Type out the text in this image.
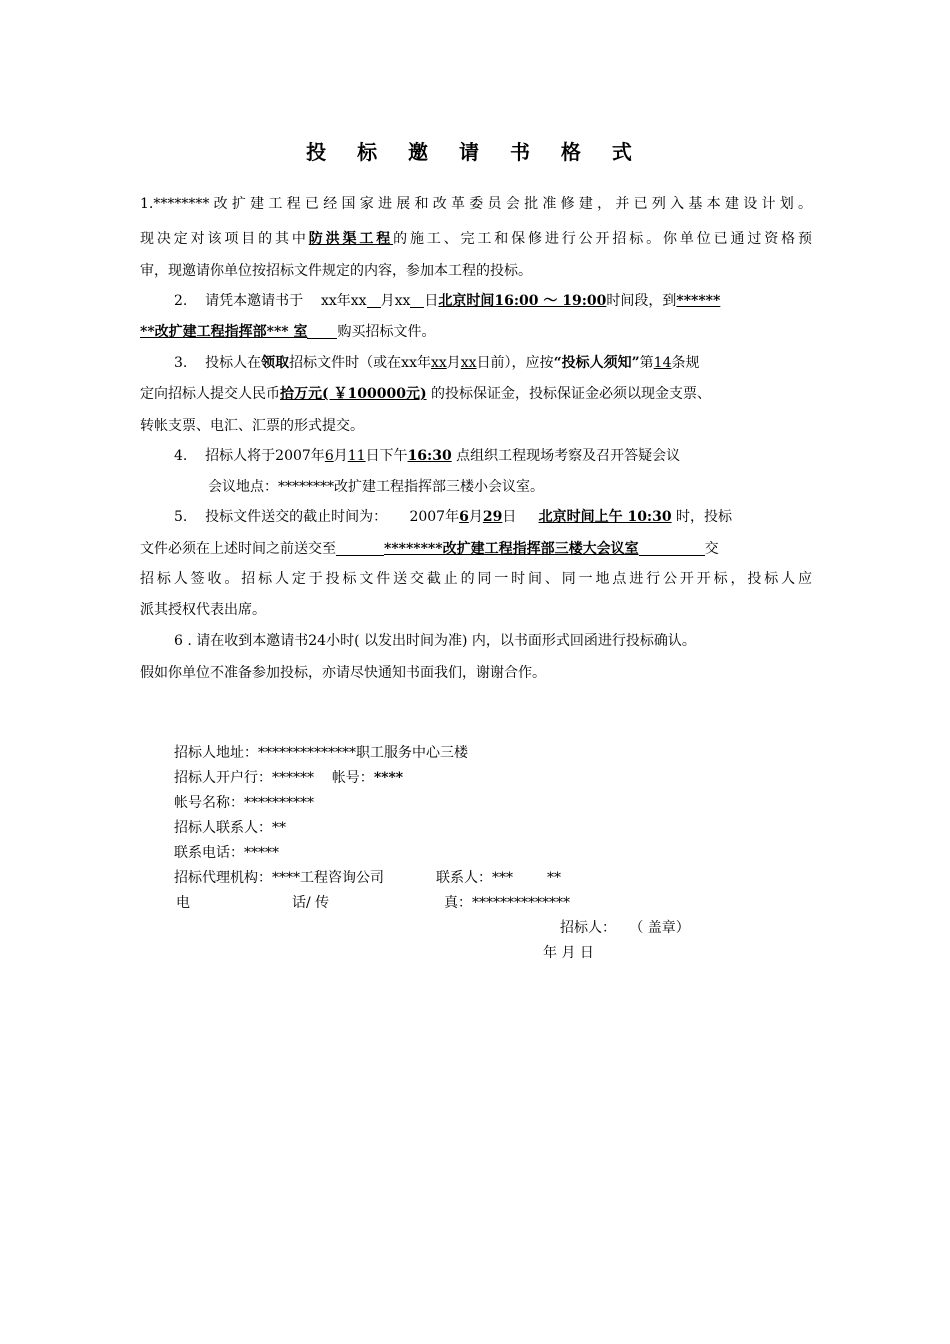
投 标 邀 请 书 格 式
1.********改扩建工程已经国家进展和改革委员会批准修建，并已列入基本建设计划。
现决定对该项目的其中防洪渠工程的施工、完工和保修进行公开招标。你单位已通过资格预
审，现邀请你单位按招标文件规定的内容，参加本工程的投标。
2. 请凭本邀请书于 xx年xx 月xx 日北京时间16:00 ～ 19:00时间段，到******
**改扩建工程指挥部*** 室 购买招标文件。
3. 投标人在领取招标文件时（或在xx年xx月xx日前），应按“投标人须知”第14条规
定向招标人提交人民币拾万元( ￥100000元) 的投标保证金，投标保证金必须以现金支票、
转帐支票、电汇、汇票的形式提交。
4. 招标人将于2007年6月11日下午16:30 点组织工程现场考察及召开答疑会议
会议地点：********改扩建工程指挥部三楼小会议室。
5. 投标文件送交的截止时间为： 2007年6月29日 北京时间上午 10:30 时，投标
文件必须在上述时间之前送交至	********改扩建工程指挥部三楼大会议室	交
招标人签收。招标人定于投标文件送交截止的同一时间、同一地点进行公开开标，投标人应
派其授权代表出席。
6 . 请在收到本邀请书24小时( 以发出时间为准) 内，以书面形式回函进行投标确认。
假如你单位不准备参加投标，亦请尽快通知书面我们，谢谢合作。
招标人地址：**************职工服务中心三楼
招标人开户行：****** 帐号：****
帐号名称：**********
招标人联系人：**
联系电话：*****
招标代理机构：****工程咨询公司	联系人：*** **
电	话/ 传	真：**************
招标人： （ 盖章）
年 月 日
